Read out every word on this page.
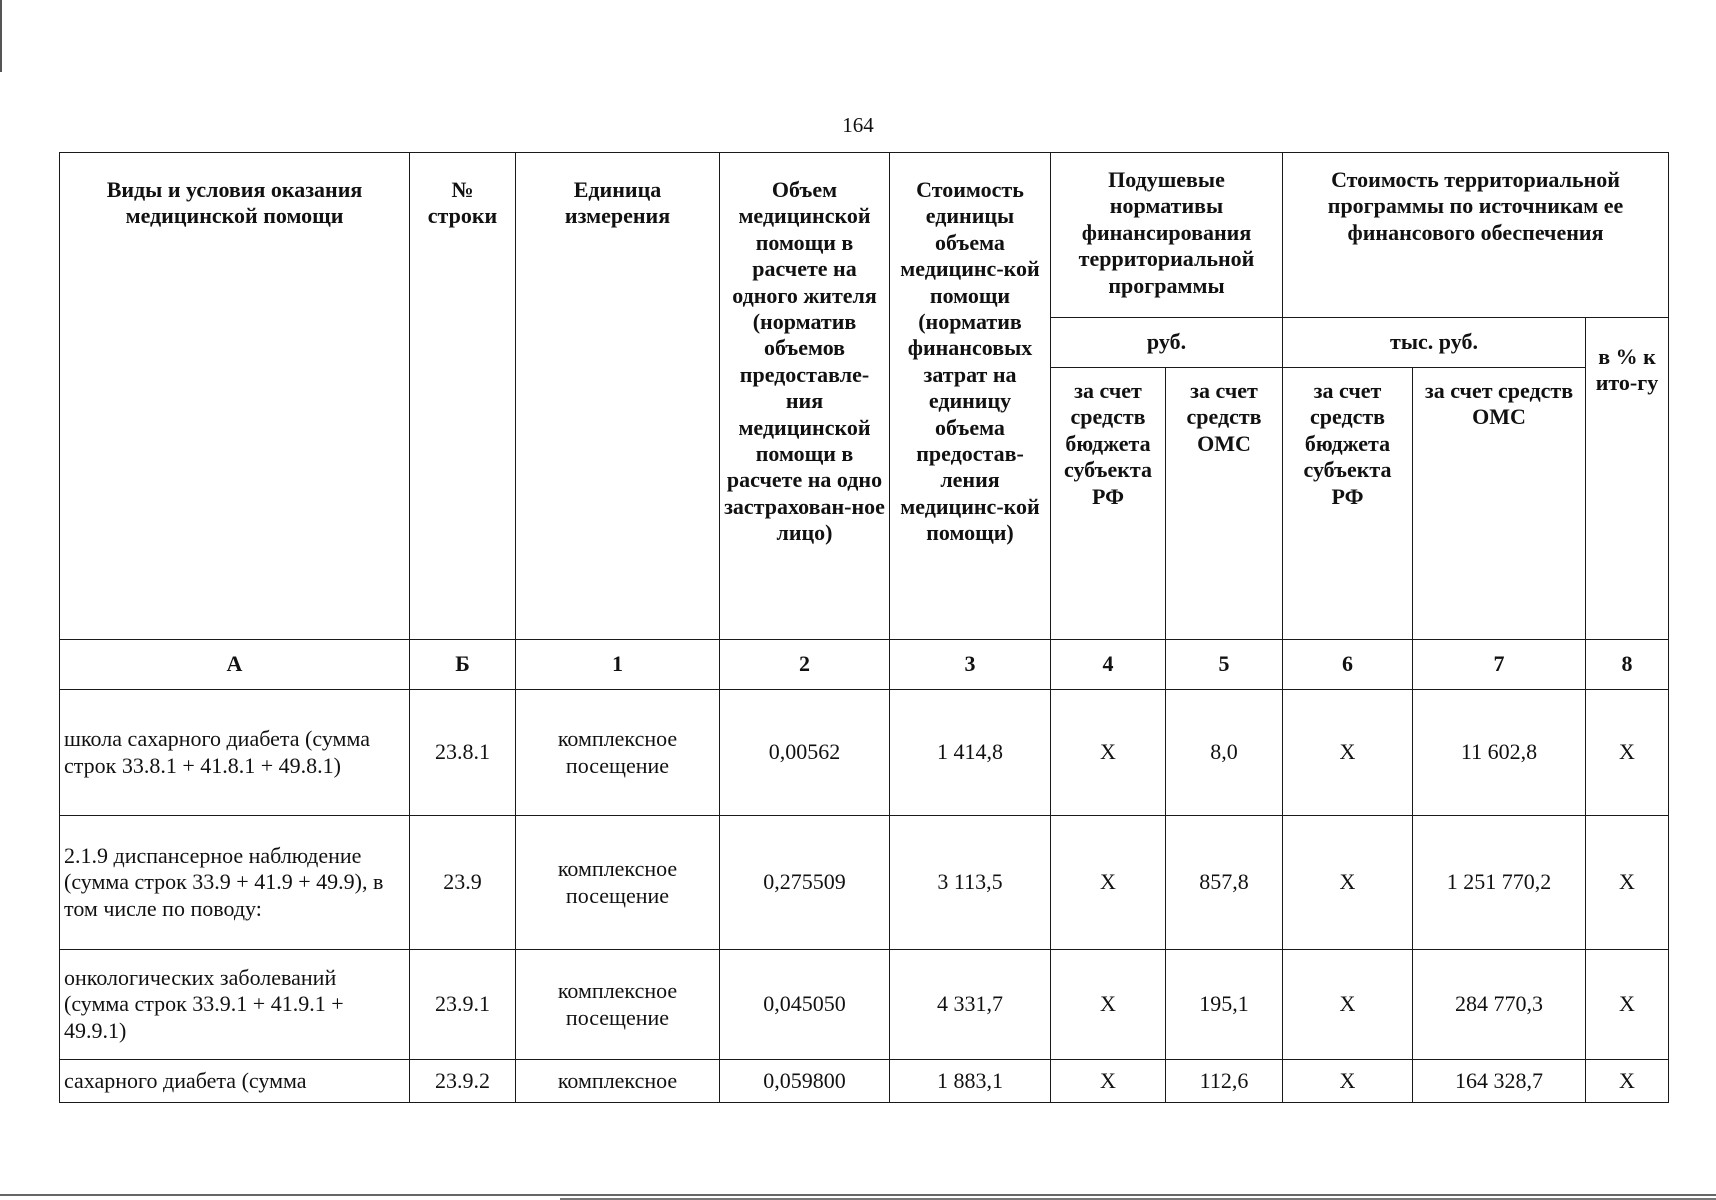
164
Виды и условия оказания медицинской помощи	№ строки	Единица измерения	Объем медицинской помощи в расчете на одного жителя (норматив объемов предоставле-ния медицинской помощи в расчете на одно застрахован-ное лицо)	Стоимость единицы объема медицинс-кой помощи (норматив финансовых затрат на единицу объема предостав-ления медицинс-кой помощи)	Подушевые нормативы финансирования территориальной программы		Стоимость территориальной программы по источникам ее финансового обеспечения		
					руб.		тыс. руб.		в % к ито-гу
					за счет средств бюджета субъекта РФ	за счет средств ОМС	за счет средств бюджета субъекта РФ	за счет средств ОМС	
А	Б	1	2	3	4	5	6	7	8
школа сахарного диабета (сумма строк 33.8.1 + 41.8.1 + 49.8.1)	23.8.1	комплексное посещение	0,00562	1 414,8	Х	8,0	Х	11 602,8	Х
2.1.9 диспансерное наблюдение (сумма строк 33.9 + 41.9 + 49.9), в том числе по поводу:	23.9	комплексное посещение	0,275509	3 113,5	Х	857,8	Х	1 251 770,2	Х
онкологических заболеваний (сумма строк 33.9.1 + 41.9.1 + 49.9.1)	23.9.1	комплексное посещение	0,045050	4 331,7	Х	195,1	Х	284 770,3	Х
сахарного диабета (сумма	23.9.2	комплексное	0,059800	1 883,1	Х	112,6	Х	164 328,7	Х
